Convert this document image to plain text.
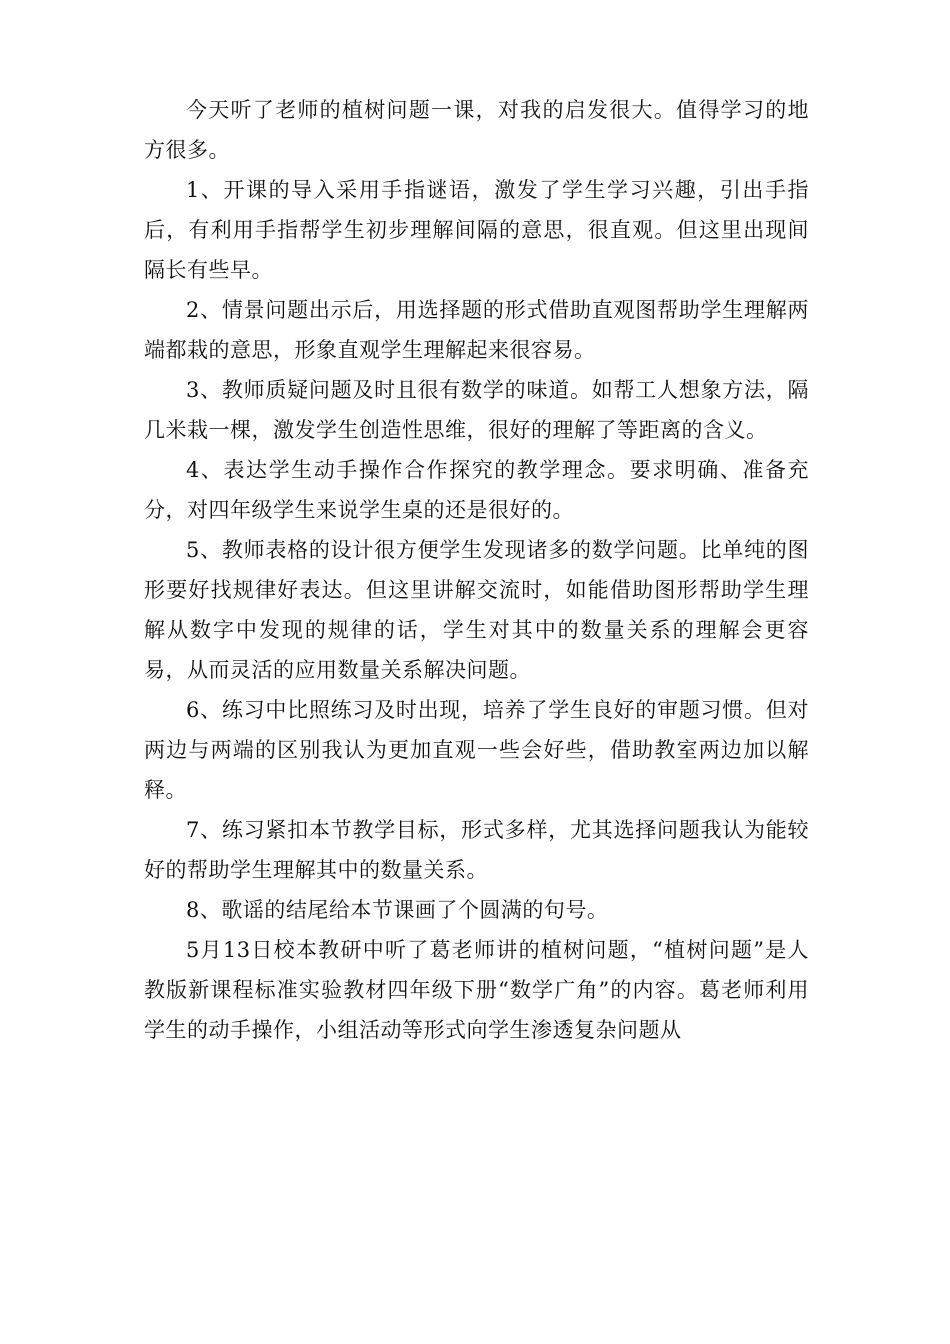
今天听了老师的植树问题一课，对我的启发很大。值得学习的地方很多。

1、开课的导入采用手指谜语，激发了学生学习兴趣，引出手指后，有利用手指帮学生初步理解间隔的意思，很直观。但这里出现间隔长有些早。

2、情景问题出示后，用选择题的形式借助直观图帮助学生理解两端都栽的意思，形象直观学生理解起来很容易。

3、教师质疑问题及时且很有数学的味道。如帮工人想象方法，隔几米栽一棵，激发学生创造性思维，很好的理解了等距离的含义。

4、表达学生动手操作合作探究的教学理念。要求明确、准备充分，对四年级学生来说学生桌的还是很好的。

5、教师表格的设计很方便学生发现诸多的数学问题。比单纯的图形要好找规律好表达。但这里讲解交流时，如能借助图形帮助学生理解从数字中发现的规律的话，学生对其中的数量关系的理解会更容易，从而灵活的应用数量关系解决问题。

6、练习中比照练习及时出现，培养了学生良好的审题习惯。但对两边与两端的区别我认为更加直观一些会好些，借助教室两边加以解释。

7、练习紧扣本节教学目标，形式多样，尤其选择问题我认为能较好的帮助学生理解其中的数量关系。

8、歌谣的结尾给本节课画了个圆满的句号。

5月13日校本教研中听了葛老师讲的植树问题，“植树问题”是人教版新课程标准实验教材四年级下册“数学广角”的内容。葛老师利用学生的动手操作，小组活动等形式向学生渗透复杂问题从
